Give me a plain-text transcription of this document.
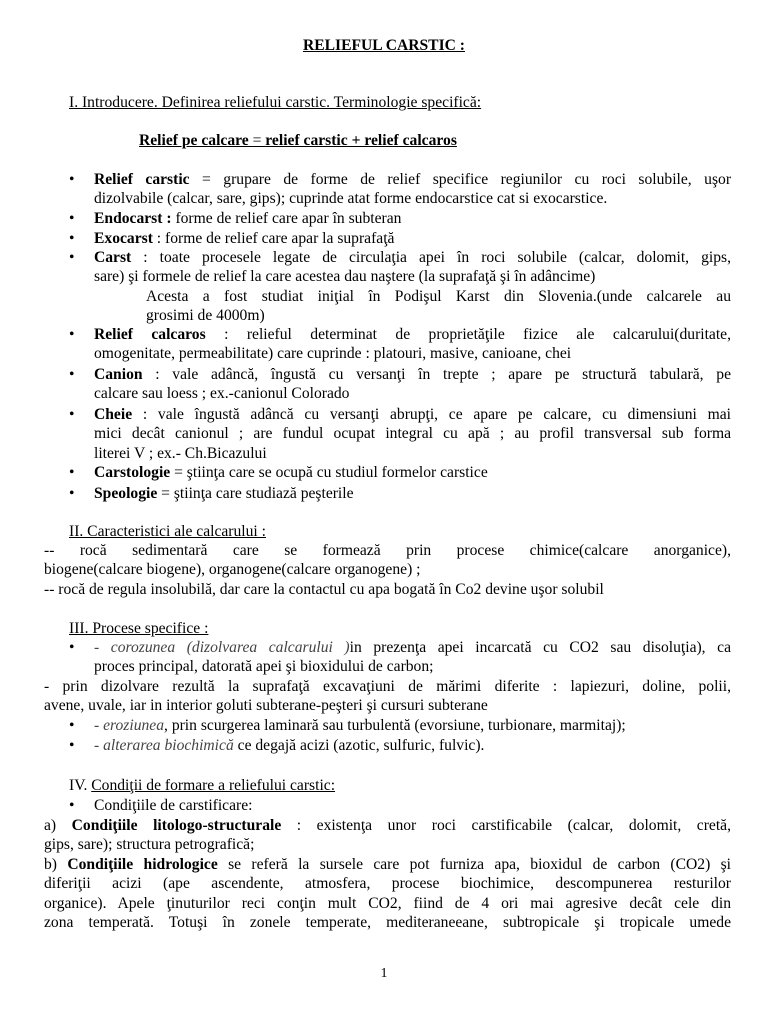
RELIEFUL CARSTIC :
I. Introducere. Definirea reliefului carstic. Terminologie specifică:
Relief pe calcare = relief carstic + relief calcaros
• Relief carstic = grupare de forme de relief specifice regiunilor cu roci solubile, uşor
dizolvabile (calcar, sare, gips); cuprinde atat forme endocarstice cat si exocarstice.
• Endocarst : forme de relief care apar în subteran
• Exocarst : forme de relief care apar la suprafaţă
• Carst : toate procesele legate de circulaţia apei în roci solubile (calcar, dolomit, gips,
sare) şi formele de relief la care acestea dau naştere (la suprafaţă şi în adâncime)
Acesta a fost studiat iniţial în Podişul Karst din Slovenia.(unde calcarele au
grosimi de 4000m)
• Relief calcaros : relieful determinat de proprietăţile fizice ale calcarului(duritate,
omogenitate, permeabilitate) care cuprinde : platouri, masive, canioane, chei
• Canion : vale adâncă, îngustă cu versanţi în trepte ; apare pe structură tabulară, pe
calcare sau loess ; ex.-canionul Colorado
• Cheie : vale îngustă adâncă cu versanţi abrupţi, ce apare pe calcare, cu dimensiuni mai
mici decât canionul ; are fundul ocupat integral cu apă ; au profil transversal sub forma
literei V ; ex.- Ch.Bicazului
• Carstologie = ştiinţa care se ocupă cu studiul formelor carstice
• Speologie = ştiinţa care studiază peşterile
II. Caracteristici ale calcarului :
-- rocă sedimentară care se formează prin procese chimice(calcare anorganice),
biogene(calcare biogene), organogene(calcare organogene) ;
-- rocă de regula insolubilă, dar care la contactul cu apa bogată în Co2 devine uşor solubil
III. Procese specifice :
• - corozunea (dizolvarea calcarului )in prezenţa apei incarcată cu CO2 sau disoluţia), ca
proces principal, datorată apei şi bioxidului de carbon;
- prin dizolvare rezultă la suprafaţă excavaţiuni de mărimi diferite : lapiezuri, doline, polii,
avene, uvale, iar in interior goluti subterane-peşteri şi cursuri subterane
• - eroziunea, prin scurgerea laminară sau turbulentă (evorsiune, turbionare, marmitaj);
• - alterarea biochimică ce degajă acizi (azotic, sulfuric, fulvic).
IV. Condiţii de formare a reliefului carstic:
• Condiţiile de carstificare:
a) Condiţiile litologo-structurale : existenţa unor roci carstificabile (calcar, dolomit, cretă,
gips, sare); structura petrografică;
b) Condiţiile hidrologice se referă la sursele care pot furniza apa, bioxidul de carbon (CO2) şi
diferiţii acizi (ape ascendente, atmosfera, procese biochimice, descompunerea resturilor
organice). Apele ţinuturilor reci conţin mult CO2, fiind de 4 ori mai agresive decât cele din
zona temperată. Totuşi în zonele temperate, mediteraneeane, subtropicale şi tropicale umede
1
